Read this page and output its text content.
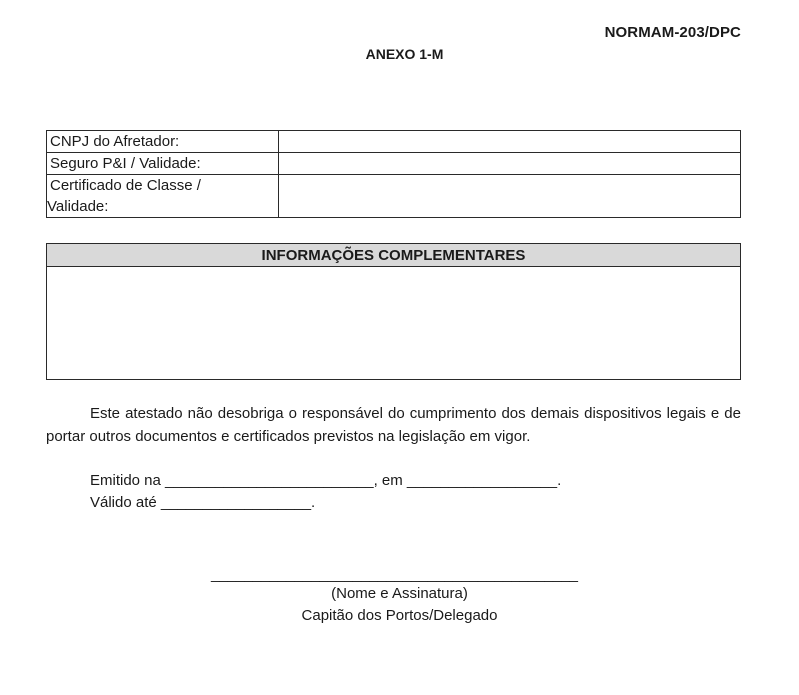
NORMAM-203/DPC
ANEXO 1-M
CNPJ do Afretador:	
Seguro P&I / Validade:	
Certificado de Classe /
Validade:	

INFORMAÇÕES COMPLEMENTARES

Este atestado não desobriga o responsável do cumprimento dos demais dispositivos legais e de portar outros documentos e certificados previstos na legislação em vigor.

Emitido na _________________________, em __________________.
Válido até __________________.
____________________________________________
(Nome e Assinatura)
Capitão dos Portos/Delegado
